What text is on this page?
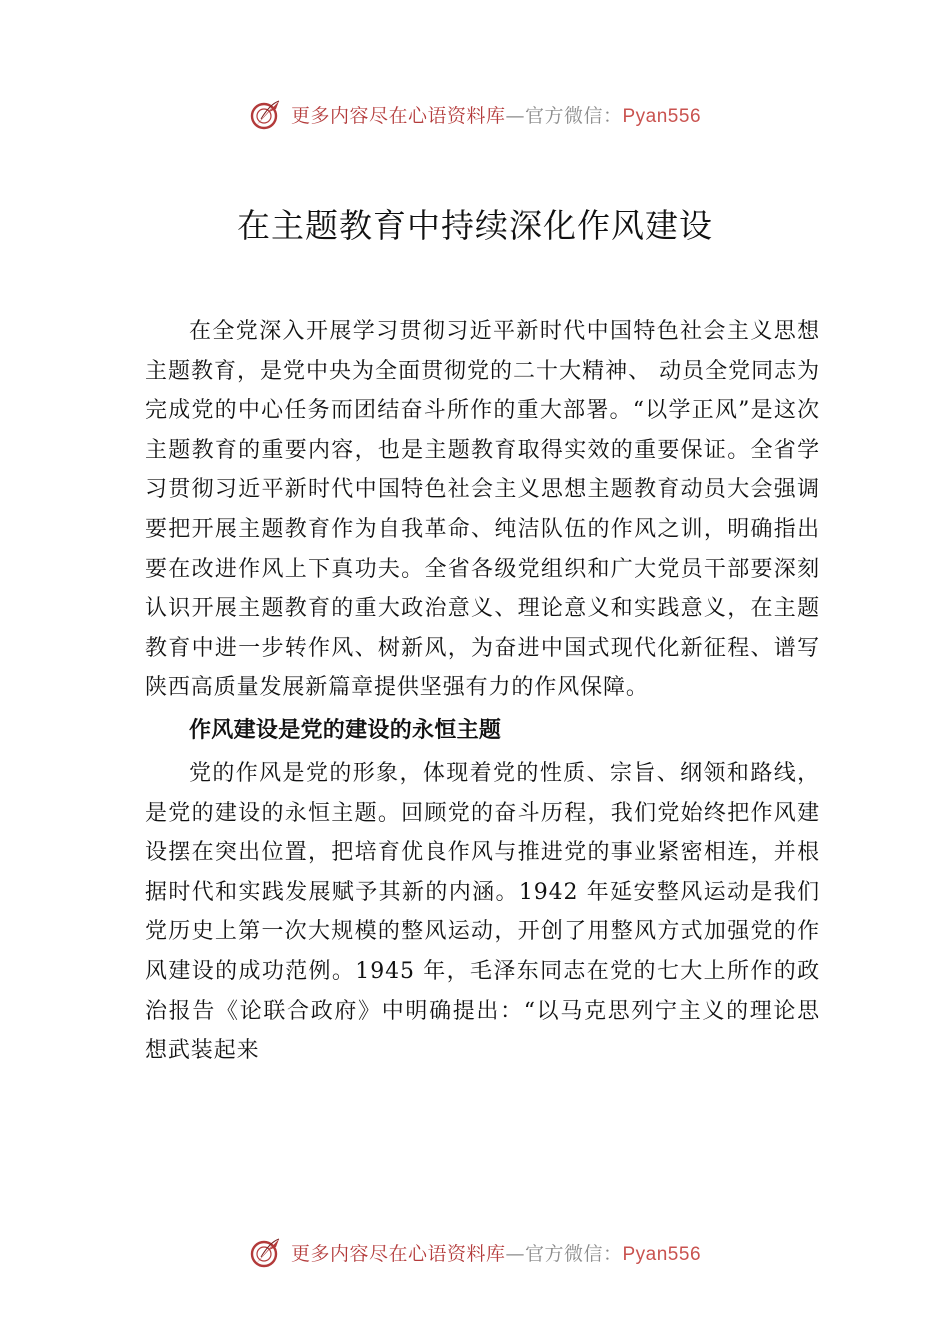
更多内容尽在心语资料库—官方微信：Pyan556
在主题教育中持续深化作风建设

在全党深入开展学习贯彻习近平新时代中国特色社会主义思想主题教育，是党中央为全面贯彻党的二十大精神、 动员全党同志为完成党的中心任务而团结奋斗所作的重大部署。“以学正风”是这次主题教育的重要内容，也是主题教育取得实效的重要保证。全省学习贯彻习近平新时代中国特色社会主义思想主题教育动员大会强调要把开展主题教育作为自我革命、纯洁队伍的作风之训，明确指出要在改进作风上下真功夫。全省各级党组织和广大党员干部要深刻认识开展主题教育的重大政治意义、理论意义和实践意义，在主题教育中进一步转作风、树新风，为奋进中国式现代化新征程、谱写陕西高质量发展新篇章提供坚强有力的作风保障。

作风建设是党的建设的永恒主题

党的作风是党的形象，体现着党的性质、宗旨、纲领和路线，是党的建设的永恒主题。回顾党的奋斗历程，我们党始终把作风建设摆在突出位置，把培育优良作风与推进党的事业紧密相连，并根据时代和实践发展赋予其新的内涵。1942 年延安整风运动是我们党历史上第一次大规模的整风运动，开创了用整风方式加强党的作风建设的成功范例。1945 年，毛泽东同志在党的七大上所作的政治报告《论联合政府》中明确提出：“以马克思列宁主义的理论思想武装起来

更多内容尽在心语资料库—官方微信：Pyan556
